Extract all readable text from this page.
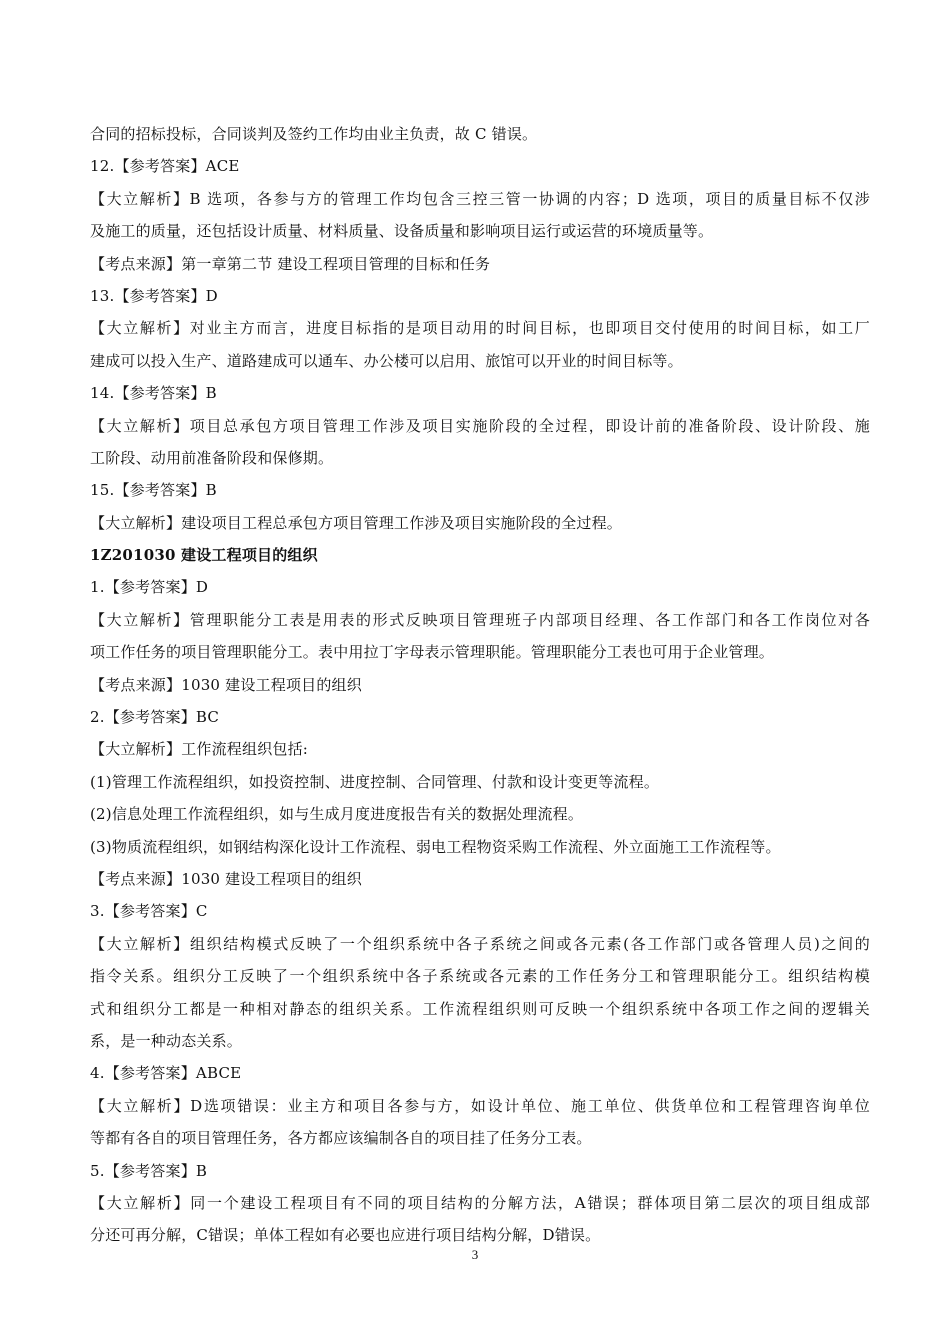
合同的招标投标，合同谈判及签约工作均由业主负责，故 C 错误。
12.【参考答案】ACE
【大立解析】B 选项，各参与方的管理工作均包含三控三管一协调的内容；D 选项，项目的质量目标不仅涉
及施工的质量，还包括设计质量、材料质量、设备质量和影响项目运行或运营的环境质量等。
【考点来源】第一章第二节 建设工程项目管理的目标和任务
13.【参考答案】D
【大立解析】对业主方而言，进度目标指的是项目动用的时间目标，也即项目交付使用的时间目标，如工厂
建成可以投入生产、道路建成可以通车、办公楼可以启用、旅馆可以开业的时间目标等。
14.【参考答案】B
【大立解析】项目总承包方项目管理工作涉及项目实施阶段的全过程，即设计前的准备阶段、设计阶段、施
工阶段、动用前准备阶段和保修期。
15.【参考答案】B
【大立解析】建设项目工程总承包方项目管理工作涉及项目实施阶段的全过程。
1Z201030 建设工程项目的组织
1.【参考答案】D
【大立解析】管理职能分工表是用表的形式反映项目管理班子内部项目经理、各工作部门和各工作岗位对各
项工作任务的项目管理职能分工。表中用拉丁字母表示管理职能。管理职能分工表也可用于企业管理。
【考点来源】1030 建设工程项目的组织
2.【参考答案】BC
【大立解析】工作流程组织包括:
(1)管理工作流程组织，如投资控制、进度控制、合同管理、付款和设计变更等流程。
(2)信息处理工作流程组织，如与生成月度进度报告有关的数据处理流程。
(3)物质流程组织，如钢结构深化设计工作流程、弱电工程物资采购工作流程、外立面施工工作流程等。
【考点来源】1030 建设工程项目的组织
3.【参考答案】C
【大立解析】组织结构模式反映了一个组织系统中各子系统之间或各元素(各工作部门或各管理人员)之间的
指令关系。组织分工反映了一个组织系统中各子系统或各元素的工作任务分工和管理职能分工。组织结构模
式和组织分工都是一种相对静态的组织关系。工作流程组织则可反映一个组织系统中各项工作之间的逻辑关
系，是一种动态关系。
4.【参考答案】ABCE
【大立解析】D选项错误：业主方和项目各参与方，如设计单位、施工单位、供货单位和工程管理咨询单位
等都有各自的项目管理任务，各方都应该编制各自的项目挂了任务分工表。
5.【参考答案】B
【大立解析】同一个建设工程项目有不同的项目结构的分解方法，A错误；群体项目第二层次的项目组成部
分还可再分解，C错误；单体工程如有必要也应进行项目结构分解，D错误。
3
